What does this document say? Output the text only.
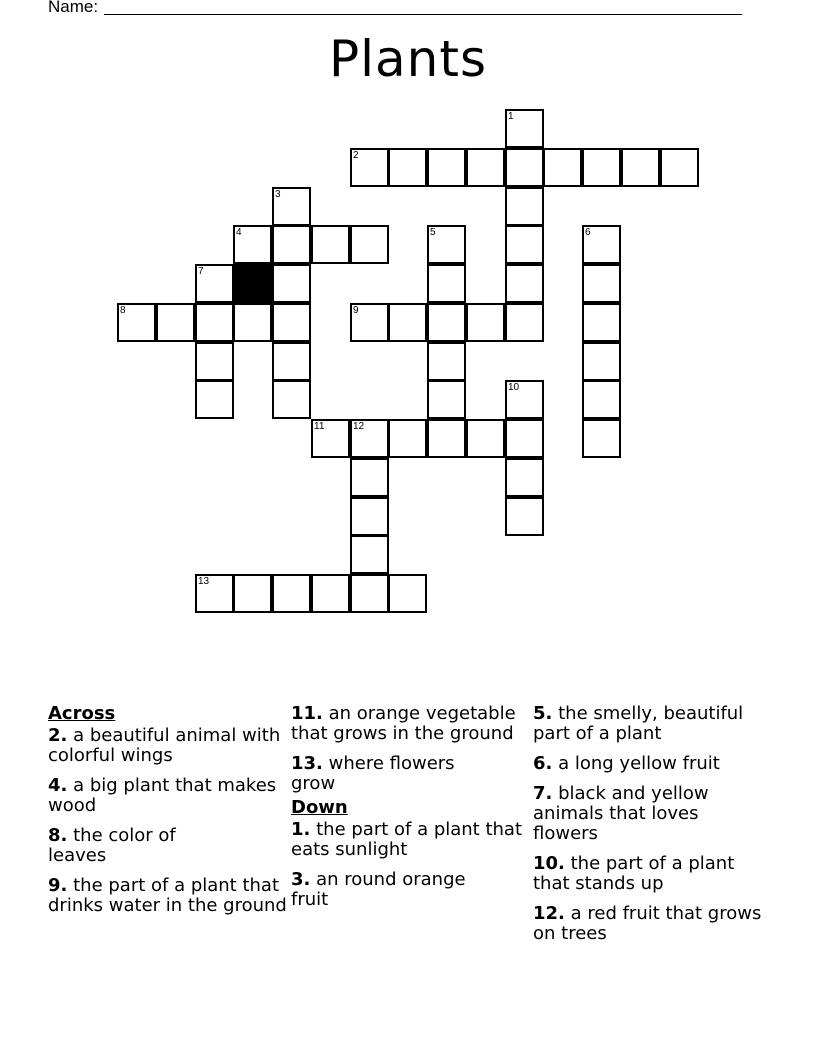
Name:
Plants
1
2
3
4	5	6
7
8	9
10
11	12
13
Across
2. a beautiful animal with colorful wings
4. a big plant that makes wood
8. the color of leaves
9. the part of a plant that drinks water in the ground
11. an orange vegetable that grows in the ground
13. where flowers grow
Down
1. the part of a plant that eats sunlight
3. an round orange fruit
5. the smelly, beautiful part of a plant
6. a long yellow fruit
7. black and yellow animals that loves flowers
10. the part of a plant that stands up
12. a red fruit that grows on trees
